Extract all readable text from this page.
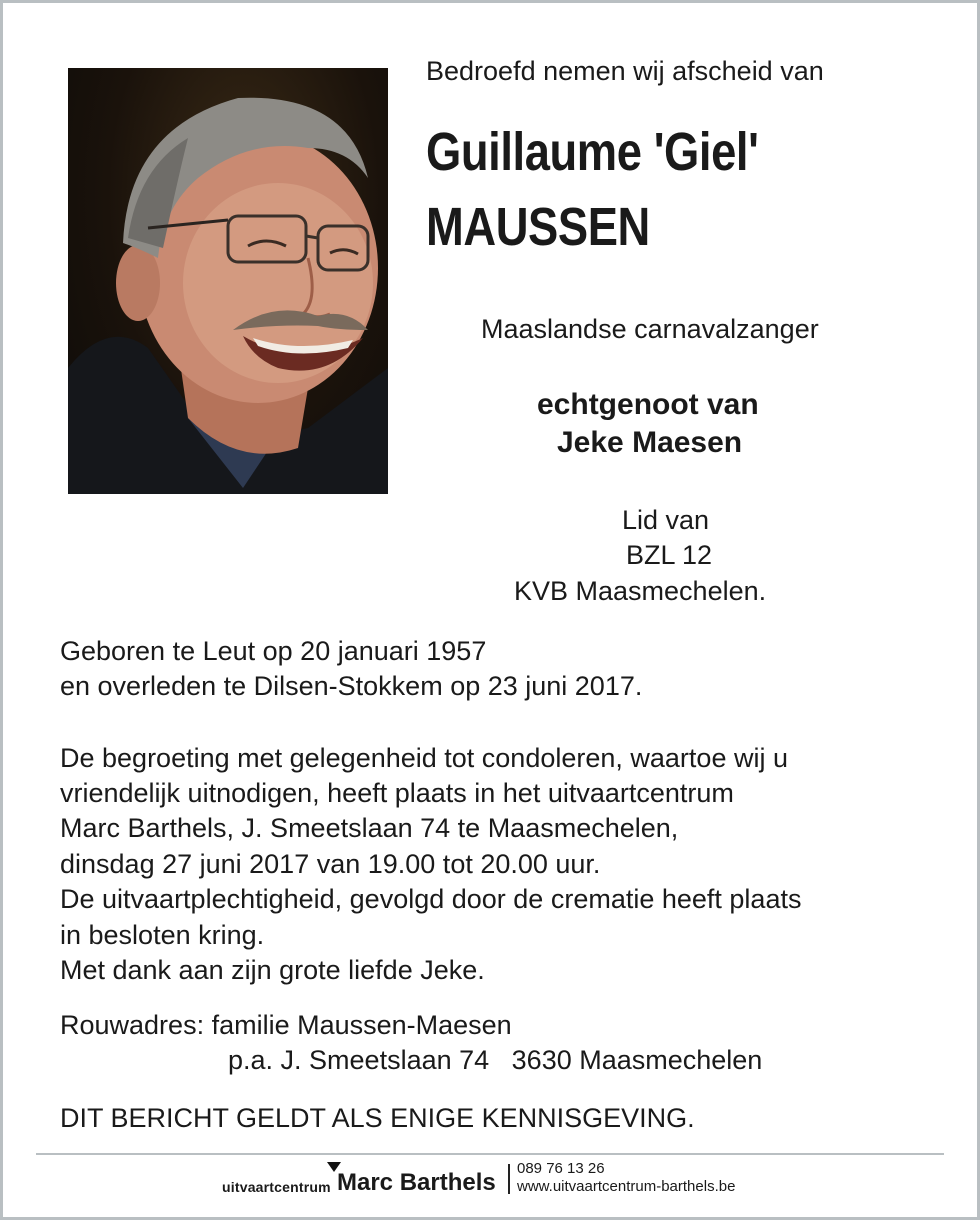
Bedroefd nemen wij afscheid van
Guillaume 'Giel'
MAUSSEN
Maaslandse carnavalzanger
echtgenoot van
Jeke Maesen
Lid van
BZL 12
KVB Maasmechelen.
Geboren te Leut op 20 januari 1957
en overleden te Dilsen-Stokkem op 23 juni 2017.
De begroeting met gelegenheid tot condoleren, waartoe wij u
vriendelijk uitnodigen, heeft plaats in het uitvaartcentrum
Marc Barthels, J. Smeetslaan 74 te Maasmechelen,
dinsdag 27 juni 2017 van 19.00 tot 20.00 uur.
De uitvaartplechtigheid, gevolgd door de crematie heeft plaats
in besloten kring.
Met dank aan zijn grote liefde Jeke.
Rouwadres: familie Maussen-Maesen
p.a. J. Smeetslaan 74   3630 Maasmechelen
DIT BERICHT GELDT ALS ENIGE KENNISGEVING.
uitvaartcentrum Marc Barthels
089 76 13 26
www.uitvaartcentrum-barthels.be
